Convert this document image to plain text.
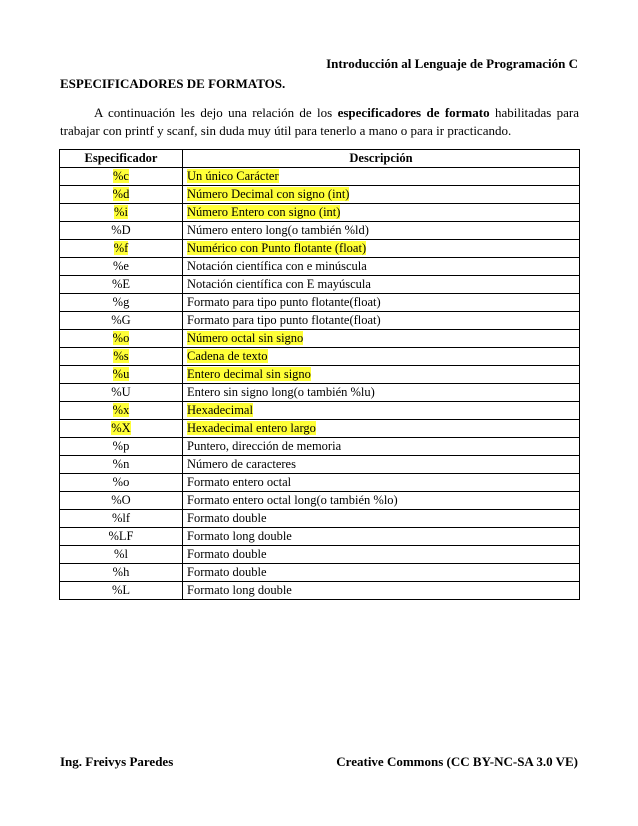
Introducción al Lenguaje de Programación C
ESPECIFICADORES DE FORMATOS.

A continuación les dejo una relación de los especificadores de formato habilitadas para trabajar con printf y scanf, sin duda muy útil para tenerlo a mano o para ir practicando.

Especificador	Descripción
%c	Un único Carácter
%d	Número Decimal con signo (int)
%i	Número Entero con signo (int)
%D	Número entero long(o también %ld)
%f	Numérico con Punto flotante (float)
%e	Notación científica con e minúscula
%E	Notación científica con E mayúscula
%g	Formato para tipo punto flotante(float)
%G	Formato para tipo punto flotante(float)
%o	Número octal sin signo
%s	Cadena de texto
%u	Entero decimal sin signo
%U	Entero sin signo long(o también %lu)
%x	Hexadecimal
%X	Hexadecimal entero largo
%p	Puntero, dirección de memoria
%n	Número de caracteres
%o	Formato entero octal
%O	Formato entero octal long(o también %lo)
%lf	Formato double
%LF	Formato long double
%l	Formato double
%h	Formato double
%L	Formato long double
Ing. Freivys Paredes	Creative Commons (CC BY-NC-SA 3.0 VE)
